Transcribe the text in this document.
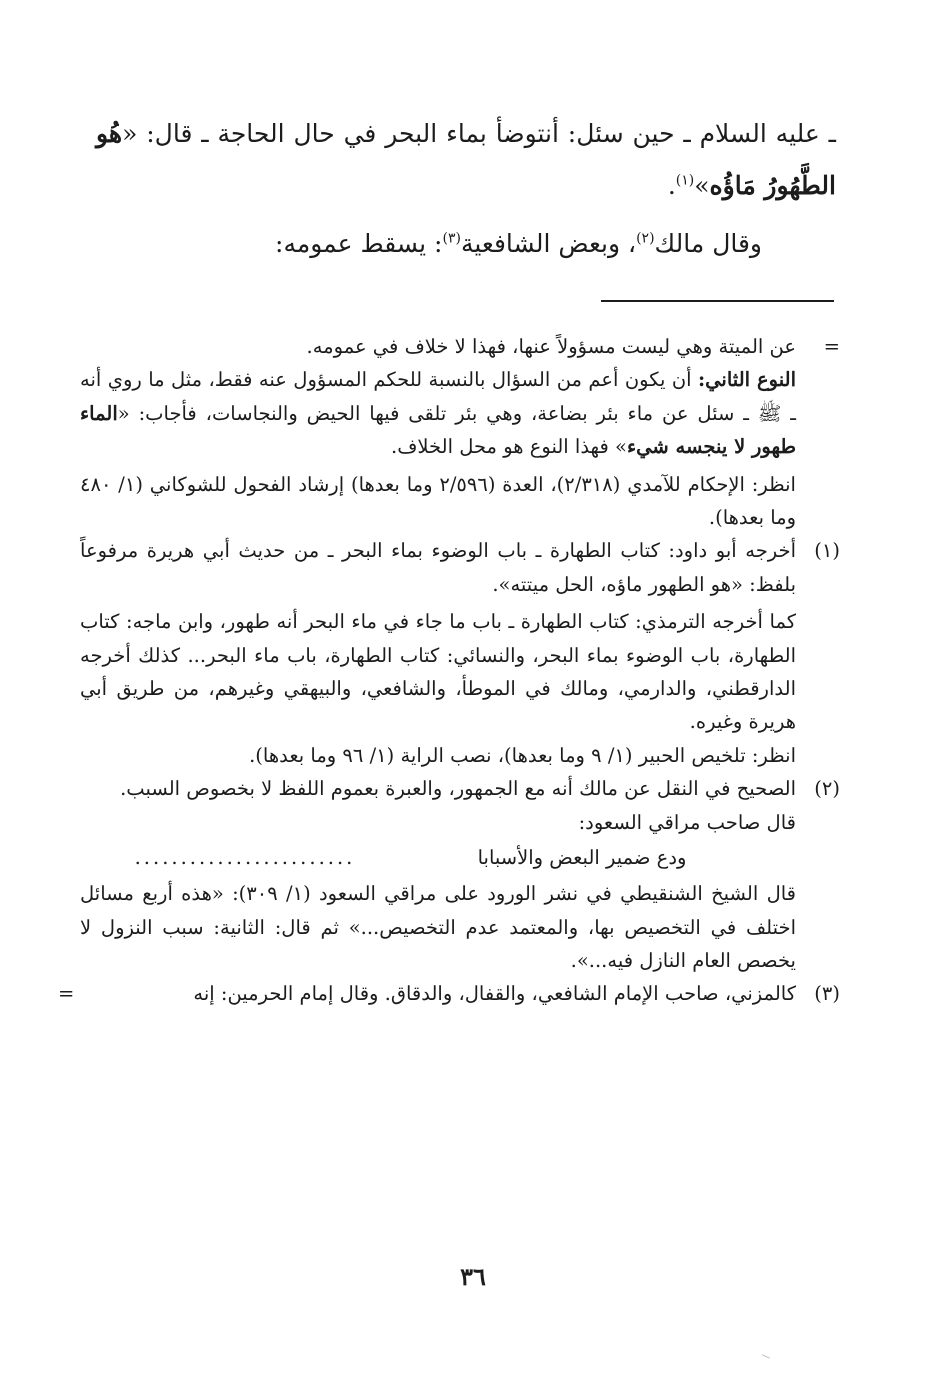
ـ عليه السلام ـ حين سئل: أنتوضأ بماء البحر في حال الحاجة ـ قال: «هُو الطَّهُورُ مَاؤُه»$^{(١)}$.

وقال مالك$^{(٢)}$، وبعض الشافعية$^{(٣)}$: يسقط عمومه:

=

عن الميتة وهي ليست مسؤولاً عنها، فهذا لا خلاف في عمومه.

النوع الثاني: أن يكون أعم من السؤال بالنسبة للحكم المسؤول عنه فقط، مثل ما روي أنه ـ ﷺ ـ سئل عن ماء بئر بضاعة، وهي بئر تلقى فيها الحيض والنجاسات، فأجاب: «الماء طهور لا ينجسه شيء» فهذا النوع هو محل الخلاف.

انظر: الإحكام للآمدي (٢/٣١٨)، العدة (٢/٥٩٦ وما بعدها) إرشاد الفحول للشوكاني (١/ ٤٨٠ وما بعدها).

(١)

أخرجه أبو داود: كتاب الطهارة ـ باب الوضوء بماء البحر ـ من حديث أبي هريرة مرفوعاً بلفظ: «هو الطهور ماؤه، الحل ميتته».

كما أخرجه الترمذي: كتاب الطهارة ـ باب ما جاء في ماء البحر أنه طهور، وابن ماجه: كتاب الطهارة، باب الوضوء بماء البحر، والنسائي: كتاب الطهارة، باب ماء البحر... كذلك أخرجه الدارقطني، والدارمي، ومالك في الموطأ، والشافعي، والبيهقي وغيرهم، من طريق أبي هريرة وغيره.

انظر: تلخيص الحبير (١/ ٩ وما بعدها)، نصب الراية (١/ ٩٦ وما بعدها).

(٢)

الصحيح في النقل عن مالك أنه مع الجمهور، والعبرة بعموم اللفظ لا بخصوص السبب.

قال صاحب مراقي السعود:

ودع ضمير البعض والأسبابا
........................

قال الشيخ الشنقيطي في نشر الورود على مراقي السعود (١/ ٣٠٩): «هذه أربع مسائل اختلف في التخصيص بها، والمعتمد عدم التخصيص...» ثم قال: الثانية: سبب النزول لا يخصص العام النازل فيه...».

(٣)

كالمزني، صاحب الإمام الشافعي، والقفال، والدقاق. وقال إمام الحرمين: إنه

=
٣٦
